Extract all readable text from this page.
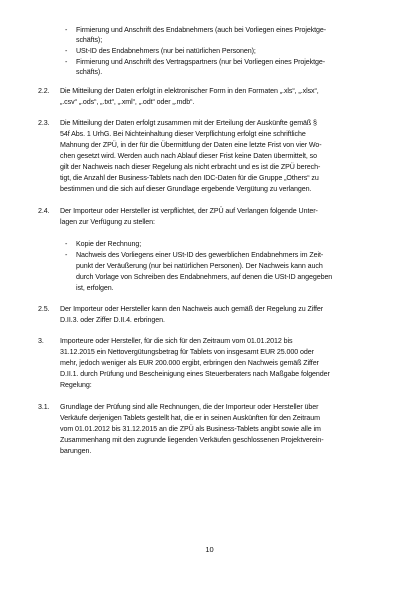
- Firmierung und Anschrift des Endabnehmers (auch bei Vorliegen eines Projektge-
schäfts);
- USt-ID des Endabnehmers (nur bei natürlichen Personen);
- Firmierung und Anschrift des Vertragspartners (nur bei Vorliegen eines Projektge-
schäfts).
2.2. Die Mitteilung der Daten erfolgt in elektronischer Form in den Formaten „.xls“, „.xlsx“,
„.csv“ „.ods“, „.txt“, „.xml“, „.odt“ oder „.mdb“.
2.3. Die Mitteilung der Daten erfolgt zusammen mit der Erteilung der Auskünfte gemäß §
54f Abs. 1 UrhG. Bei Nichteinhaltung dieser Verpflichtung erfolgt eine schriftliche
Mahnung der ZPÜ, in der für die Übermittlung der Daten eine letzte Frist von vier Wo-
chen gesetzt wird. Werden auch nach Ablauf dieser Frist keine Daten übermittelt, so
gilt der Nachweis nach dieser Regelung als nicht erbracht und es ist die ZPÜ berech-
tigt, die Anzahl der Business-Tablets nach den IDC-Daten für die Gruppe „Others“ zu
bestimmen und die sich auf dieser Grundlage ergebende Vergütung zu verlangen.
2.4. Der Importeur oder Hersteller ist verpflichtet, der ZPÜ auf Verlangen folgende Unter-
lagen zur Verfügung zu stellen:
- Kopie der Rechnung;
- Nachweis des Vorliegens einer USt-ID des gewerblichen Endabnehmers im Zeit-
punkt der Veräußerung (nur bei natürlichen Personen). Der Nachweis kann auch
durch Vorlage von Schreiben des Endabnehmers, auf denen die USt-ID angegeben
ist, erfolgen.
2.5. Der Importeur oder Hersteller kann den Nachweis auch gemäß der Regelung zu Ziffer
D.II.3. oder Ziffer D.II.4. erbringen.
3. Importeure oder Hersteller, für die sich für den Zeitraum vom 01.01.2012 bis
31.12.2015 ein Nettovergütungsbetrag für Tablets von insgesamt EUR 25.000 oder
mehr, jedoch weniger als EUR 200.000 ergibt, erbringen den Nachweis gemäß Ziffer
D.II.1. durch Prüfung und Bescheinigung eines Steuerberaters nach Maßgabe folgender
Regelung:
3.1. Grundlage der Prüfung sind alle Rechnungen, die der Importeur oder Hersteller über
Verkäufe derjenigen Tablets gestellt hat, die er in seinen Auskünften für den Zeitraum
vom 01.01.2012 bis 31.12.2015 an die ZPÜ als Business-Tablets angibt sowie alle im
Zusammenhang mit den zugrunde liegenden Verkäufen geschlossenen Projektverein-
barungen.
10
